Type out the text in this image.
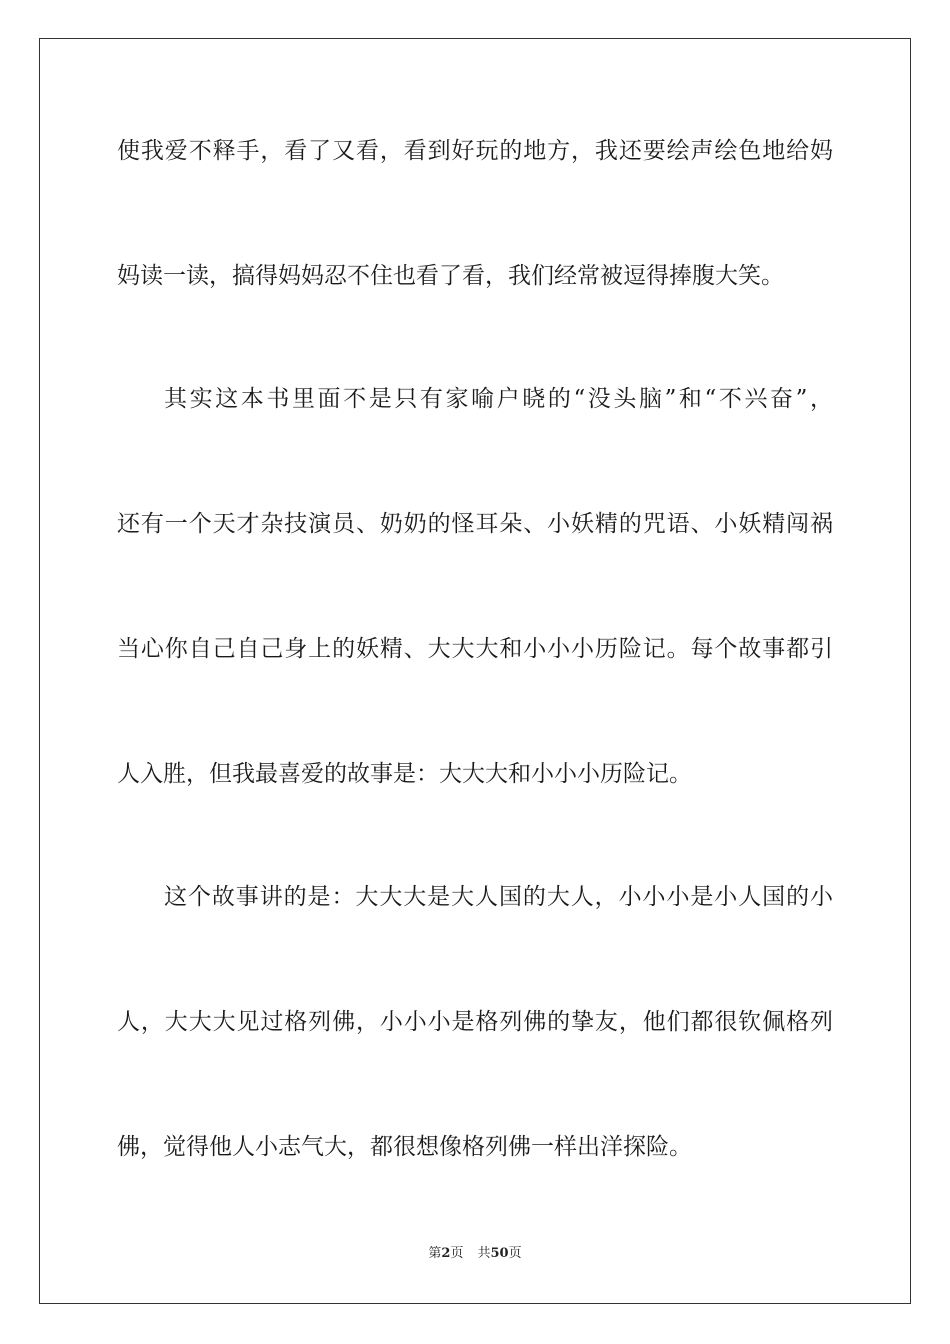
使我爱不释手，看了又看，看到好玩的地方，我还要绘声绘色地给妈
妈读一读，搞得妈妈忍不住也看了看，我们经常被逗得捧腹大笑。
其实这本书里面不是只有家喻户晓的“没头脑”和“不兴奋”，
还有一个天才杂技演员、奶奶的怪耳朵、小妖精的咒语、小妖精闯祸
当心你自己自己身上的妖精、大大大和小小小历险记。每个故事都引
人入胜，但我最喜爱的故事是：大大大和小小小历险记。
这个故事讲的是：大大大是大人国的大人，小小小是小人国的小
人，大大大见过格列佛，小小小是格列佛的挚友，他们都很钦佩格列
佛，觉得他人小志气大，都很想像格列佛一样出洋探险。
第2页 共50页
